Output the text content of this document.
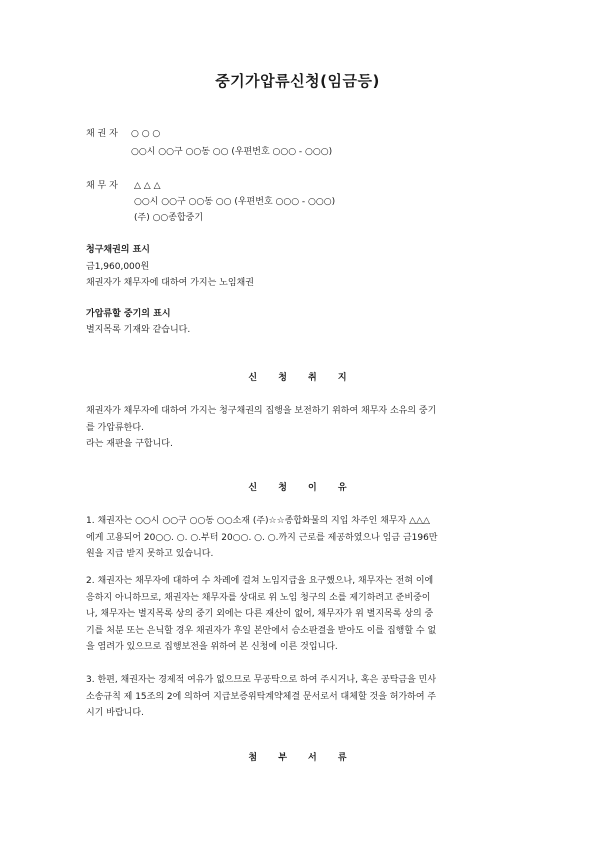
중기가압류신청(임금등)
채 권 자 ○ ○ ○
○○시 ○○구 ○○동 ○○ (우편번호 ○○○ - ○○○)
채 무 자 △ △ △
○○시 ○○구 ○○동 ○○ (우편번호 ○○○ - ○○○)
(주) ○○종합중기
청구채권의 표시
금1,960,000원
채권자가 채무자에 대하여 가지는 노임채권
가압류할 중기의 표시
별지목록 기재와 같습니다.
신 청 취 지
채권자가 채무자에 대하여 가지는 청구채권의 집행을 보전하기 위하여 채무자 소유의 중기
를 가압류한다.
라는 재판을 구합니다.
신 청 이 유
1. 채권자는 ○○시 ○○구 ○○동 ○○소재 (주)☆☆종합화물의 지입 차주인 채무자 △△△
에게 고용되어 20○○. ○. ○.부터 20○○. ○. ○.까지 근로를 제공하였으나 임금 금196만
원을 지급 받지 못하고 있습니다.
2. 채권자는 채무자에 대하여 수 차례에 걸쳐 노임지급을 요구했으나, 채무자는 전혀 이에
응하지 아니하므로, 채권자는 채무자를 상대로 위 노임 청구의 소를 제기하려고 준비중이
나, 채무자는 별지목록 상의 중기 외에는 다른 재산이 없어, 채무자가 위 별지목록 상의 중
기를 처분 또는 은닉할 경우 채권자가 후일 본안에서 승소판결을 받아도 이를 집행할 수 없
을 염려가 있으므로 집행보전을 위하여 본 신청에 이른 것입니다.
3. 한편, 채권자는 경제적 여유가 없으므로 무공탁으로 하여 주시거나, 혹은 공탁금을 민사
소송규칙 제 15조의 2에 의하여 지급보증위탁계약체결 문서로서 대체할 것을 허가하여 주
시기 바랍니다.
첨 부 서 류
